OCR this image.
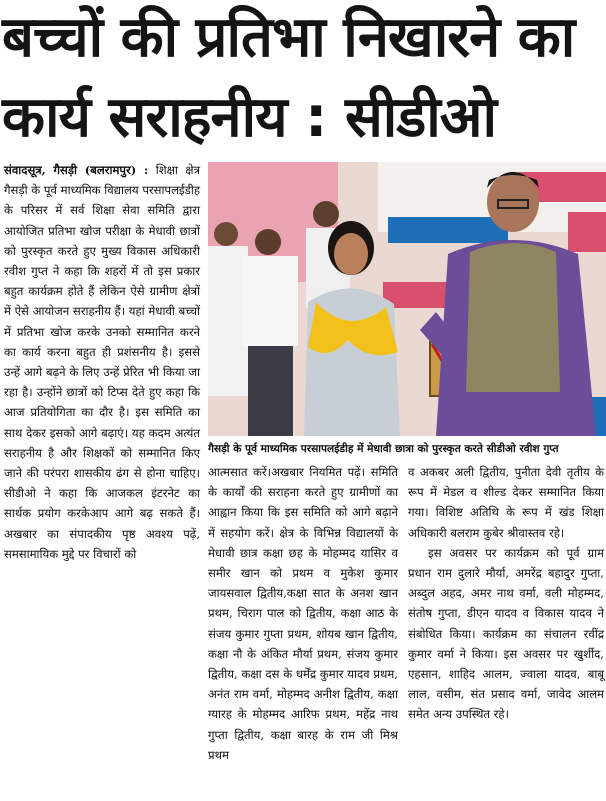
बच्चों की प्रतिभा निखारने का
कार्य सराहनीय : सीडीओ

संवादसूत्र, गैसड़ी (बलरामपुर) : शिक्षा क्षेत्र गैसड़ी के पूर्व माध्यमिक विद्यालय परसापलईडीह के परिसर में सर्व शिक्षा सेवा समिति द्वारा आयोजित प्रतिभा खोज परीक्षा के मेधावी छात्रों को पुरस्कृत करते हुए मुख्य विकास अधिकारी रवीश गुप्त ने कहा कि शहरों में तो इस प्रकार बहुत कार्यक्रम होते हैं लेकिन ऐसे ग्रामीण क्षेत्रों में ऐसे आयोजन सराहनीय हैं। यहां मेधावी बच्चों में प्रतिभा खोज करके उनको सम्मानित करने का कार्य करना बहुत ही प्रशंसनीय है। इससे उन्हें आगे बढ़ने के लिए उन्हें प्रेरित भी किया जा रहा है। उन्होंने छात्रों को टिप्स देते हुए कहा कि आज प्रतियोगिता का दौर है। इस समिति का साथ देकर इसको आगे बढ़ाएं। यह कदम अत्यंत सराहनीय है और शिक्षकों को सम्मानित किए जाने की परंपरा शासकीय ढंग से होना चाहिए। सीडीओ ने कहा कि आजकल इंटरनेट का सार्थक प्रयोग करकेआप आगे बढ़ सकते हैं। अखबार का संपादकीय पृष्ठ अवश्य पढ़ें, समसामायिक मुद्दे पर विचारों को

गैसड़ी के पूर्व माध्यमिक परसापलईडीह में मेधावी छात्रा को पुरस्कृत करते सीडीओ रवीश गुप्त

आत्मसात करें।अखबार नियमित पढ़ें। समिति के कार्यों की सराहना करते हुए ग्रामीणों का आह्वान किया कि इस समिति को आगे बढ़ाने में सहयोग करें। क्षेत्र के विभिन्न विद्यालयों के मेधावी छात्र कक्षा छह के मोहम्मद यासिर व समीर खान को प्रथम व मुकेश कुमार जायसवाल द्वितीय,कक्षा सात के अनश खान प्रथम, चिराग पाल को द्वितीय, कक्षा आठ के संजय कुमार गुप्ता प्रथम, शोयब खान द्वितीय, कक्षा नौ के अंकित मौर्या प्रथम, संजय कुमार द्वितीय, कक्षा दस के धर्मेंद्र कुमार यादव प्रथम, अनंत राम वर्मा, मोहम्मद अनीश द्वितीय, कक्षा ग्यारह के मोहम्मद आरिफ प्रथम, महेंद्र नाथ गुप्ता द्वितीय, कक्षा बारह के राम जी मिश्र प्रथम

व अकबर अली द्वितीय, पुनीता देवी तृतीय के रूप में मेडल व शील्ड देकर सम्मानित किया गया। विशिष्ट अतिथि के रूप में खंड शिक्षा अधिकारी बलराम कुबेर श्रीवास्तव रहे।

इस अवसर पर कार्यक्रम को पूर्व ग्राम प्रधान राम दुलारे मौर्या, अमरेंद्र बहादुर गुप्ता, अब्दुल अहद, अमर नाथ वर्मा, वली मोहम्मद, संतोष गुप्ता, डीएन यादव व विकास यादव ने संबोधित किया। कार्यक्रम का संचालन रवींद्र कुमार वर्मा ने किया। इस अवसर पर खुर्शीद, एहसान, शाहिद आलम, ज्वाला यादव, बाबू लाल, वसीम, संत प्रसाद वर्मा, जावेद आलम समेत अन्य उपस्थित रहे।
